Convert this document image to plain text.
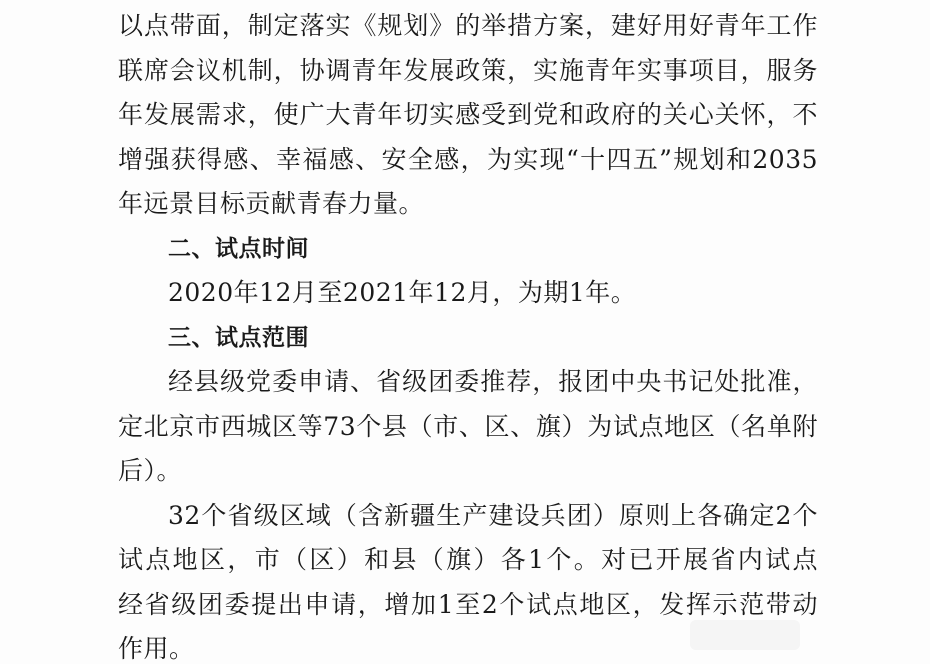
以点带面，制定落实《规划》的举措方案，建好用好青年工作
联席会议机制，协调青年发展政策，实施青年实事项目，服务
年发展需求，使广大青年切实感受到党和政府的关心关怀，不
增强获得感、幸福感、安全感，为实现“十四五”规划和2035
年远景目标贡献青春力量。
二、试点时间
2020年12月至2021年12月，为期1年。
三、试点范围
经县级党委申请、省级团委推荐，报团中央书记处批准，
定北京市西城区等73个县（市、区、旗）为试点地区（名单附
后）。
32个省级区域（含新疆生产建设兵团）原则上各确定2个
试点地区，市（区）和县（旗）各1个。对已开展省内试点
经省级团委提出申请，增加1至2个试点地区，发挥示范带动
作用。
